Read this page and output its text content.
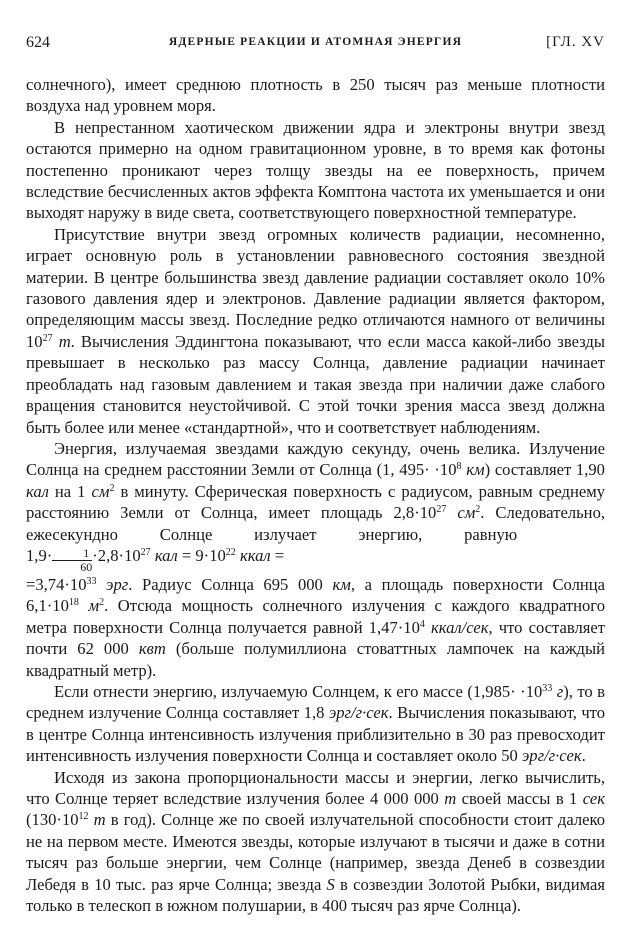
624	ЯДЕРНЫЕ РЕАКЦИИ И АТОМНАЯ ЭНЕРГИЯ	[ГЛ. XV

солнечного), имеет среднюю плотность в 250 тысяч раз меньше плотности воздуха над уровнем моря.

В непрестанном хаотическом движении ядра и электроны внутри звезд остаются примерно на одном гравитационном уровне, в то время как фотоны постепенно проникают через толщу звезды на ее поверхность, причем вследствие бесчисленных актов эффекта Комптона частота их уменьшается и они выходят наружу в виде света, соответствующего поверхностной температуре.

Присутствие внутри звезд огромных количеств радиации, несомненно, играет основную роль в установлении равновесного состояния звездной материи. В центре большинства звезд давление радиации составляет около 10% газового давления ядер и электронов. Давление радиации является фактором, определяющим массы звезд. Последние редко отличаются намного от величины $10^{27}$ т. Вычисления Эддингтона показывают, что если масса какой-либо звезды превышает в несколько раз массу Солнца, давление радиации начинает преобладать над газовым давлением и такая звезда при наличии даже слабого вращения становится неустойчивой. С этой точки зрения масса звезд должна быть более или менее «стандартной», что и соответствует наблюдениям.

Энергия, излучаемая звездами каждую секунду, очень велика. Излучение Солнца на среднем расстоянии Земли от Солнца (1, $495\cdot \cdot 10^8$ км) составляет 1,90 кал на 1 $см^2$ в минуту. Сферическая поверхность с радиусом, равным среднему расстоянию Земли от Солнца, имеет площадь $2,8\cdot 10^{27}$ $см^2$. Следовательно, ежесекундно Солнце излучает энергию, равную    $1,9\cdot \frac{1}{60} \cdot 2,8\cdot 10^{27}$ кал = $9\cdot 10^{22}$ ккал =
$=3,74\cdot 10^{33}$ эрг. Радиус Солнца 695 000 км, а площадь поверхности Солнца $6,1\cdot 10^{18}$ $м^2$. Отсюда мощность солнечного излучения с каждого квадратного метра поверхности Солнца получается равной $1,47\cdot 10^4$ ккал/сек, что составляет почти 62 000 квт (больше полумиллиона стоваттных лампочек на каждый квадратный метр).

Если отнести энергию, излучаемую Солнцем, к его массе ($1,985\cdot \cdot 10^{33}$ г), то в среднем излучение Солнца составляет 1,8 эрг/г·сек. Вычисления показывают, что в центре Солнца интенсивность излучения приблизительно в 30 раз превосходит интенсивность излучения поверхности Солнца и составляет около 50 эрг/г·сек.

Исходя из закона пропорциональности массы и энергии, легко вычислить, что Солнце теряет вследствие излучения более 4 000 000 т своей массы в 1 сек ($130\cdot 10^{12}$ т в год). Солнце же по своей излучательной способности стоит далеко не на первом месте. Имеются звезды, которые излучают в тысячи и даже в сотни тысяч раз больше энергии, чем Солнце (например, звезда Денеб в созвездии Лебедя в 10 тыс. раз ярче Солнца; звезда S в созвездии Золотой Рыбки, видимая только в телескоп в южном полушарии, в 400 тысяч раз ярче Солнца).
